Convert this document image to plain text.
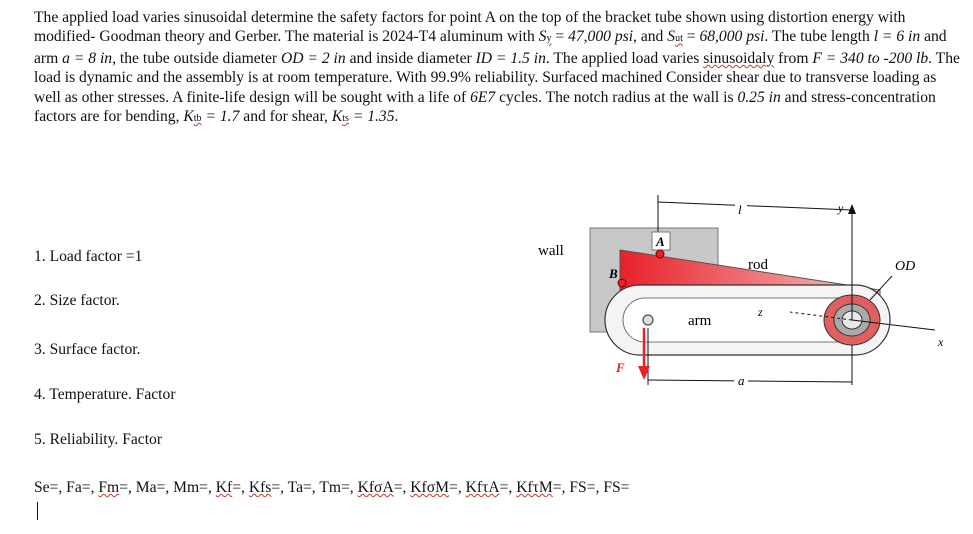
The applied load varies sinusoidal determine the safety factors for point A on the top of the bracket tube shown using distortion energy with modified- Goodman theory and Gerber. The material is 2024-T4 aluminum with Sy = 47,000 psi, and Sut = 68,000 psi. The tube length l = 6 in and arm a = 8 in, the tube outside diameter OD = 2 in and inside diameter ID = 1.5 in. The applied load varies sinusoidaly from F = 340 to -200 lb. The load is dynamic and the assembly is at room temperature. With 99.9% reliability. Surfaced machined Consider shear due to transverse loading as well as other stresses. A finite-life design will be sought with a life of 6E7 cycles. The notch radius at the wall is 0.25 in and stress-concentration factors are for bending, Ktb = 1.7 and for shear, Kts = 1.35.
1. Load factor =1
2. Size factor.
3. Surface factor.
4. Temperature. Factor
5. Reliability. Factor
Se=, Fa=, Fm=, Ma=, Mm=, Kf=, Kfs=, Ta=, Tm=, KfσA=, KfσM=, KfτA=, KfτM=, FS=, FS=
wall
rod
arm
y
x
z
OD
l
a
A
B
F
